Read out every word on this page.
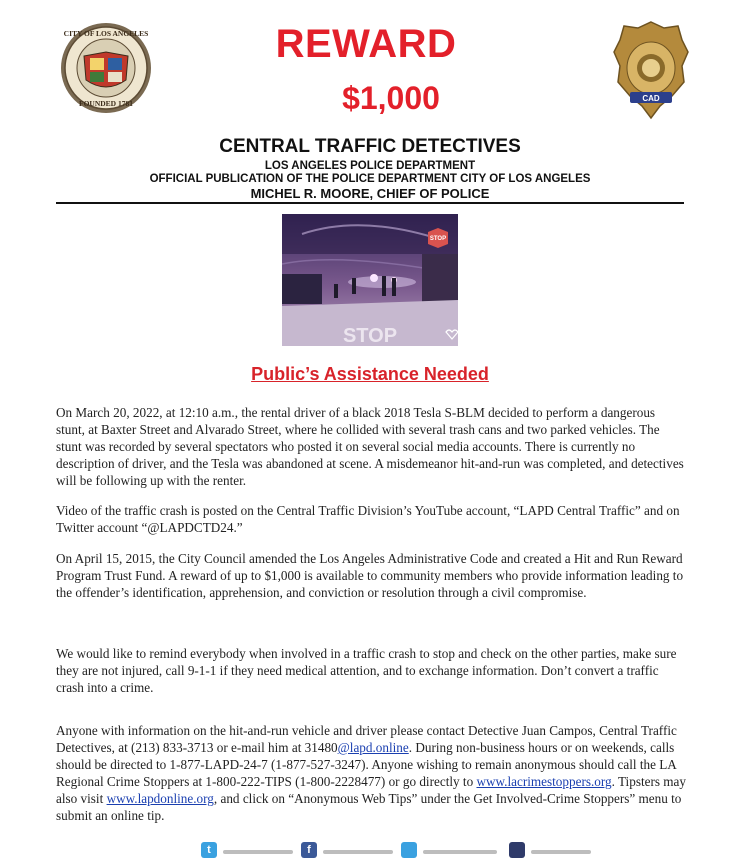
CITY OF LOS ANGELES
FOUNDED 1781
CAD
REWARD
$1,000
CENTRAL TRAFFIC DETECTIVES
LOS ANGELES POLICE DEPARTMENT
OFFICIAL PUBLICATION OF THE POLICE DEPARTMENT CITY OF LOS ANGELES
MICHEL R. MOORE, CHIEF OF POLICE
STOP
STOP
Public’s Assistance Needed

On March 20, 2022, at 12:10 a.m., the rental driver of a black 2018 Tesla S-BLM decided to perform a dangerous stunt, at Baxter Street and Alvarado Street, where he collided with several trash cans and two parked vehicles. The stunt was recorded by several spectators who posted it on several social media accounts. There is currently no description of driver, and the Tesla was abandoned at scene. A misdemeanor hit-and-run was completed, and detectives will be following up with the renter.

Video of the traffic crash is posted on the Central Traffic Division’s YouTube account, “LAPD Central Traffic” and on Twitter account “@LAPDCTD24.”

On April 15, 2015, the City Council amended the Los Angeles Administrative Code and created a Hit and Run Reward Program Trust Fund. A reward of up to $1,000 is available to community members who provide information leading to the offender’s identification, apprehension, and conviction or resolution through a civil compromise.

We would like to remind everybody when involved in a traffic crash to stop and check on the other parties, make sure they are not injured, call 9-1-1 if they need medical attention, and to exchange information. Don’t convert a traffic crash into a crime.

Anyone with information on the hit-and-run vehicle and driver please contact Detective Juan Campos, Central Traffic Detectives, at (213) 833-3713 or e-mail him at 31480@lapd.online. During non-business hours or on weekends, calls should be directed to 1-877-LAPD-24-7 (1-877-527-3247). Anyone wishing to remain anonymous should call the LA Regional Crime Stoppers at 1-800-222-TIPS (1-800-2228477) or go directly to www.lacrimestoppers.org. Tipsters may also visit www.lapdonline.org, and click on “Anonymous Web Tips” under the Get Involved-Crime Stoppers” menu to submit an online tip.

t	f
